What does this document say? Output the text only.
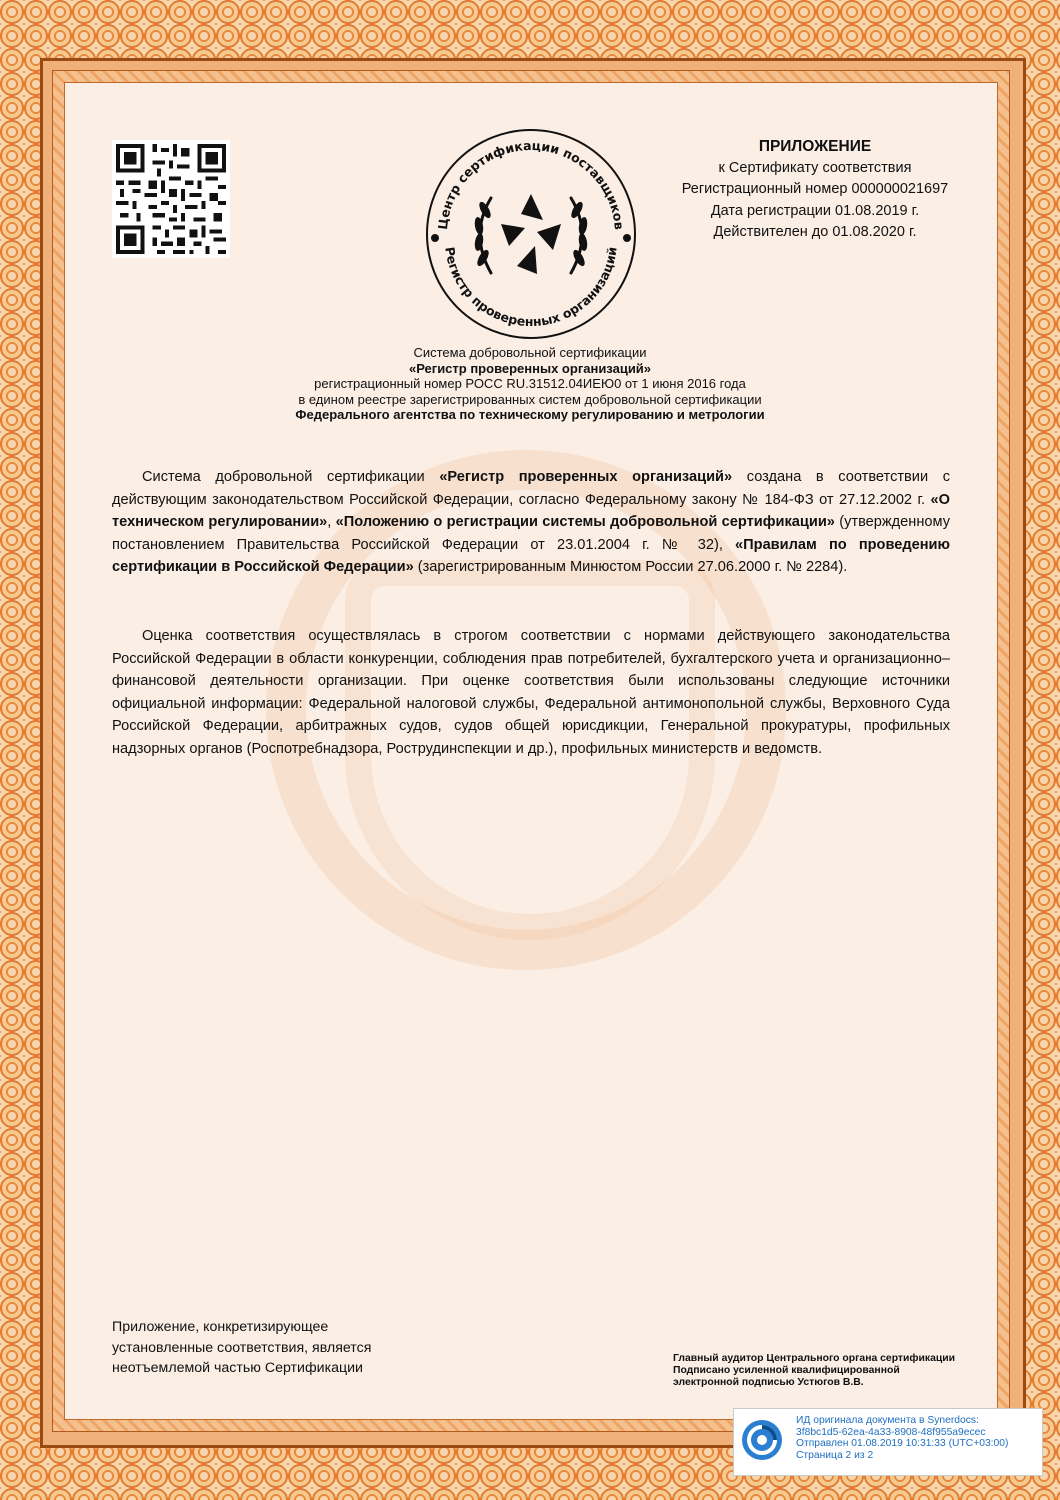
Центр сертификации поставщиков
Регистр проверенных организаций
ПРИЛОЖЕНИЕ
к Сертификату соответствия
Регистрационный номер 000000021697
Дата регистрации 01.08.2019 г.
Действителен до 01.08.2020 г.
Система добровольной сертификации
«Регистр проверенных организаций»
регистрационный номер РОСС RU.31512.04ИЕЮ0 от 1 июня 2016 года
в едином реестре зарегистрированных систем добровольной сертификации
Федерального агентства по техническому регулированию и метрологии
Система добровольной сертификации «Регистр проверенных организаций» создана в соответствии с действующим законодательством Российской Федерации, согласно Федеральному закону № 184-ФЗ от 27.12.2002 г. «О техническом регулировании», «Положению о регистрации системы добровольной сертификации» (утвержденному постановлением Правительства Российской Федерации от 23.01.2004 г. № 32), «Правилам по проведению сертификации в Российской Федерации» (зарегистрированным Минюстом России 27.06.2000 г. № 2284).
Оценка соответствия осуществлялась в строгом соответствии с нормами действующего законодательства Российской Федерации в области конкуренции, соблюдения прав потребителей, бухгалтерского учета и организационно–финансовой деятельности организации. При оценке соответствия были использованы следующие источники официальной информации: Федеральной налоговой службы, Федеральной антимонопольной службы, Верховного Суда Российской Федерации, арбитражных судов, судов общей юрисдикции, Генеральной прокуратуры, профильных надзорных органов (Роспотребнадзора, Рострудинспекции и др.), профильных министерств и ведомств.
Приложение, конкретизирующее
установленные соответствия, является
неотъемлемой частью Сертификации
Главный аудитор Центрального органа сертификации
Подписано усиленной квалифицированной
электронной подписью Устюгов В.В.
ИД оригинала документа в Synerdocs:
3f8bc1d5-62ea-4a33-8908-48f955a9ecec
Отправлен 01.08.2019 10:31:33 (UTC+03:00)
Страница 2 из 2
